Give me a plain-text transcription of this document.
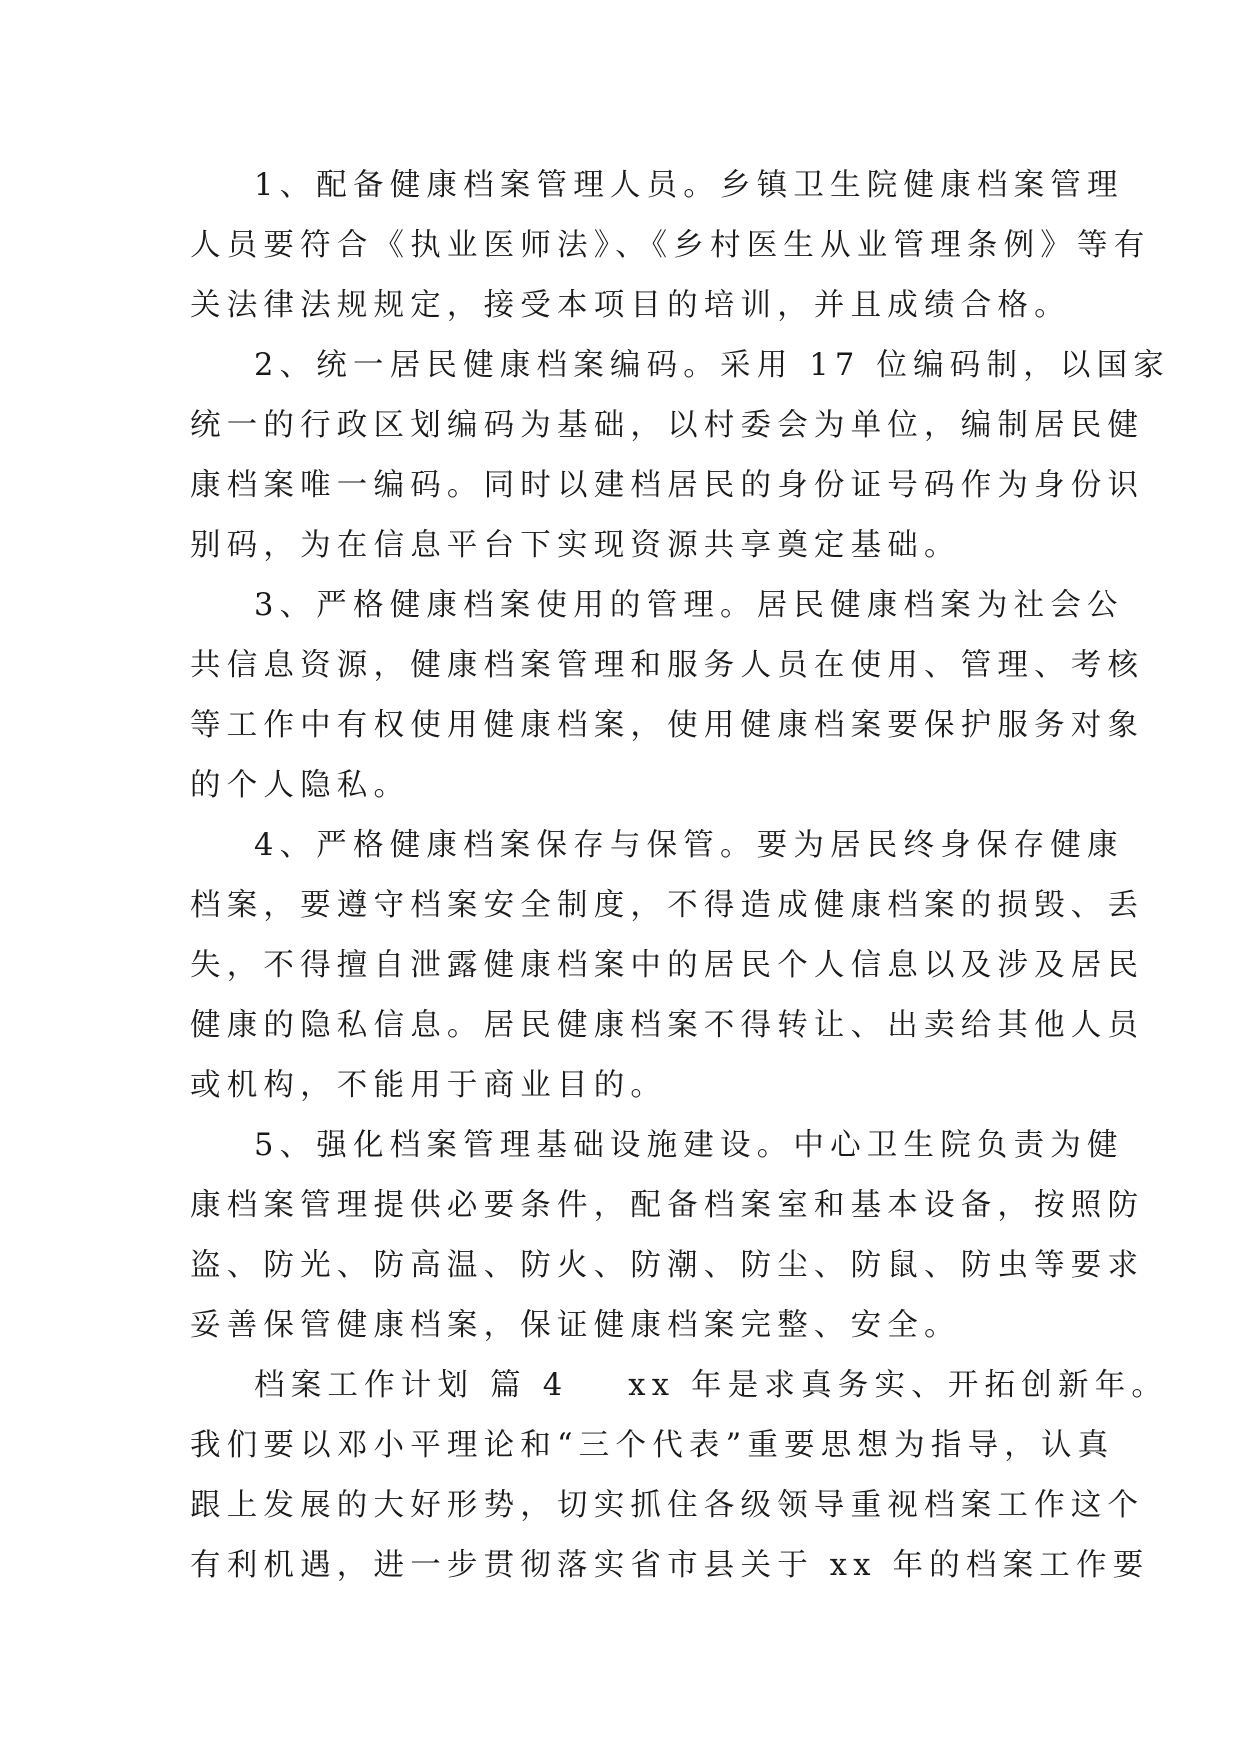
1、配备健康档案管理人员。乡镇卫生院健康档案管理
人员要符合《执业医师法》、《乡村医生从业管理条例》等有
关法律法规规定，接受本项目的培训，并且成绩合格。
2、统一居民健康档案编码。采用 17 位编码制，以国家
统一的行政区划编码为基础，以村委会为单位，编制居民健
康档案唯一编码。同时以建档居民的身份证号码作为身份识
别码，为在信息平台下实现资源共享奠定基础。
3、严格健康档案使用的管理。居民健康档案为社会公
共信息资源，健康档案管理和服务人员在使用、管理、考核
等工作中有权使用健康档案，使用健康档案要保护服务对象
的个人隐私。
4、严格健康档案保存与保管。要为居民终身保存健康
档案，要遵守档案安全制度，不得造成健康档案的损毁、丢
失，不得擅自泄露健康档案中的居民个人信息以及涉及居民
健康的隐私信息。居民健康档案不得转让、出卖给其他人员
或机构，不能用于商业目的。
5、强化档案管理基础设施建设。中心卫生院负责为健
康档案管理提供必要条件，配备档案室和基本设备，按照防
盗、防光、防高温、防火、防潮、防尘、防鼠、防虫等要求
妥善保管健康档案，保证健康档案完整、安全。
档案工作计划 篇 4 xx 年是求真务实、开拓创新年。
我们要以邓小平理论和“三个代表”重要思想为指导，认真
跟上发展的大好形势，切实抓住各级领导重视档案工作这个
有利机遇，进一步贯彻落实省市县关于 xx 年的档案工作要
